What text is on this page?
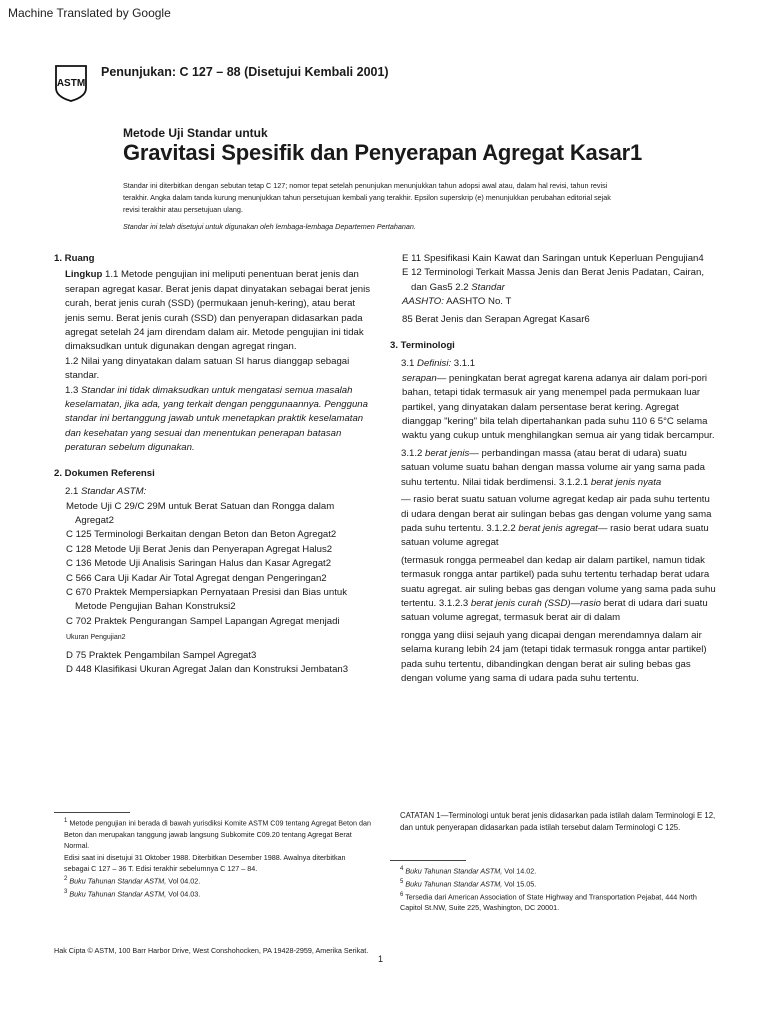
Machine Translated by Google
ASTM
Penunjukan: C 127 – 88 (Disetujui Kembali 2001)
Metode Uji Standar untuk
Gravitasi Spesifik dan Penyerapan Agregat Kasar1
Standar ini diterbitkan dengan sebutan tetap C 127; nomor tepat setelah penunjukan menunjukkan tahun adopsi awal atau, dalam hal revisi, tahun revisi terakhir. Angka dalam tanda kurung menunjukkan tahun persetujuan kembali yang terakhir. Epsilon superskrip (e) menunjukkan perubahan editorial sejak revisi terakhir atau persetujuan ulang.
Standar ini telah disetujui untuk digunakan oleh lembaga-lembaga Departemen Pertahanan.

1. Ruang

Lingkup 1.1 Metode pengujian ini meliputi penentuan berat jenis dan serapan agregat kasar. Berat jenis dapat dinyatakan sebagai berat jenis curah, berat jenis curah (SSD) (permukaan jenuh-kering), atau berat jenis semu. Berat jenis curah (SSD) dan penyerapan didasarkan pada agregat setelah 24 jam direndam dalam air. Metode pengujian ini tidak dimaksudkan untuk digunakan dengan agregat ringan.

1.2 Nilai yang dinyatakan dalam satuan SI harus dianggap sebagai standar.

1.3 Standar ini tidak dimaksudkan untuk mengatasi semua masalah keselamatan, jika ada, yang terkait dengan penggunaannya. Pengguna standar ini bertanggung jawab untuk menetapkan praktik keselamatan dan kesehatan yang sesuai dan menentukan penerapan batasan peraturan sebelum digunakan.

2. Dokumen Referensi

2.1 Standar ASTM:

Metode Uji C 29/C 29M untuk Berat Satuan dan Rongga dalam Agregat2

C 125 Terminologi Berkaitan dengan Beton dan Beton Agregat2

C 128 Metode Uji Berat Jenis dan Penyerapan Agregat Halus2

C 136 Metode Uji Analisis Saringan Halus dan Kasar Agregat2

C 566 Cara Uji Kadar Air Total Agregat dengan Pengeringan2

C 670 Praktek Mempersiapkan Pernyataan Presisi dan Bias untuk Metode Pengujian Bahan Konstruksi2

C 702 Praktek Pengurangan Sampel Lapangan Agregat menjadi

Ukuran Pengujian2

D 75 Praktek Pengambilan Sampel Agregat3

D 448 Klasifikasi Ukuran Agregat Jalan dan Konstruksi Jembatan3

E 11 Spesifikasi Kain Kawat dan Saringan untuk Keperluan Pengujian4

E 12 Terminologi Terkait Massa Jenis dan Berat Jenis Padatan, Cairan, dan Gas5 2.2 Standar

AASHTO: AASHTO No. T

85 Berat Jenis dan Serapan Agregat Kasar6

3. Terminologi

3.1 Definisi: 3.1.1

serapan— peningkatan berat agregat karena adanya air dalam pori-pori bahan, tetapi tidak termasuk air yang menempel pada permukaan luar partikel, yang dinyatakan dalam persentase berat kering. Agregat dianggap "kering" bila telah dipertahankan pada suhu 110 6 5°C selama waktu yang cukup untuk menghilangkan semua air yang tidak bercampur.

3.1.2 berat jenis— perbandingan massa (atau berat di udara) suatu satuan volume suatu bahan dengan massa volume air yang sama pada suhu tertentu. Nilai tidak berdimensi. 3.1.2.1 berat jenis nyata

— rasio berat suatu satuan volume agregat kedap air pada suhu tertentu di udara dengan berat air sulingan bebas gas dengan volume yang sama pada suhu tertentu. 3.1.2.2 berat jenis agregat— rasio berat udara suatu satuan volume agregat

(termasuk rongga permeabel dan kedap air dalam partikel, namun tidak termasuk rongga antar partikel) pada suhu tertentu terhadap berat udara suatu agregat. air suling bebas gas dengan volume yang sama pada suhu tertentu. 3.1.2.3 berat jenis curah (SSD)—rasio berat di udara dari suatu satuan volume agregat, termasuk berat air di dalam

rongga yang diisi sejauh yang dicapai dengan merendamnya dalam air selama kurang lebih 24 jam (tetapi tidak termasuk rongga antar partikel) pada suhu tertentu, dibandingkan dengan berat air suling bebas gas dengan volume yang sama di udara pada suhu tertentu.

$^1$ Metode pengujian ini berada di bawah yurisdiksi Komite ASTM C09 tentang Agregat Beton dan Beton dan merupakan tanggung jawab langsung Subkomite C09.20 tentang Agregat Berat Normal.

Edisi saat ini disetujui 31 Oktober 1988. Diterbitkan Desember 1988. Awalnya diterbitkan sebagai C 127 – 36 T. Edisi terakhir sebelumnya C 127 – 84.

$^2$ Buku Tahunan Standar ASTM, Vol 04.02.

$^3$ Buku Tahunan Standar ASTM, Vol 04.03.

CATATAN 1—Terminologi untuk berat jenis didasarkan pada istilah dalam Terminologi E 12, dan untuk penyerapan didasarkan pada istilah tersebut dalam Terminologi C 125.

$^4$ Buku Tahunan Standar ASTM, Vol 14.02.

$^5$ Buku Tahunan Standar ASTM, Vol 15.05.

$^6$ Tersedia dari American Association of State Highway and Transportation Pejabat, 444 North Capitol St.NW, Suite 225, Washington, DC 20001.

Hak Cipta © ASTM, 100 Barr Harbor Drive, West Conshohocken, PA 19428-2959, Amerika Serikat.
1
